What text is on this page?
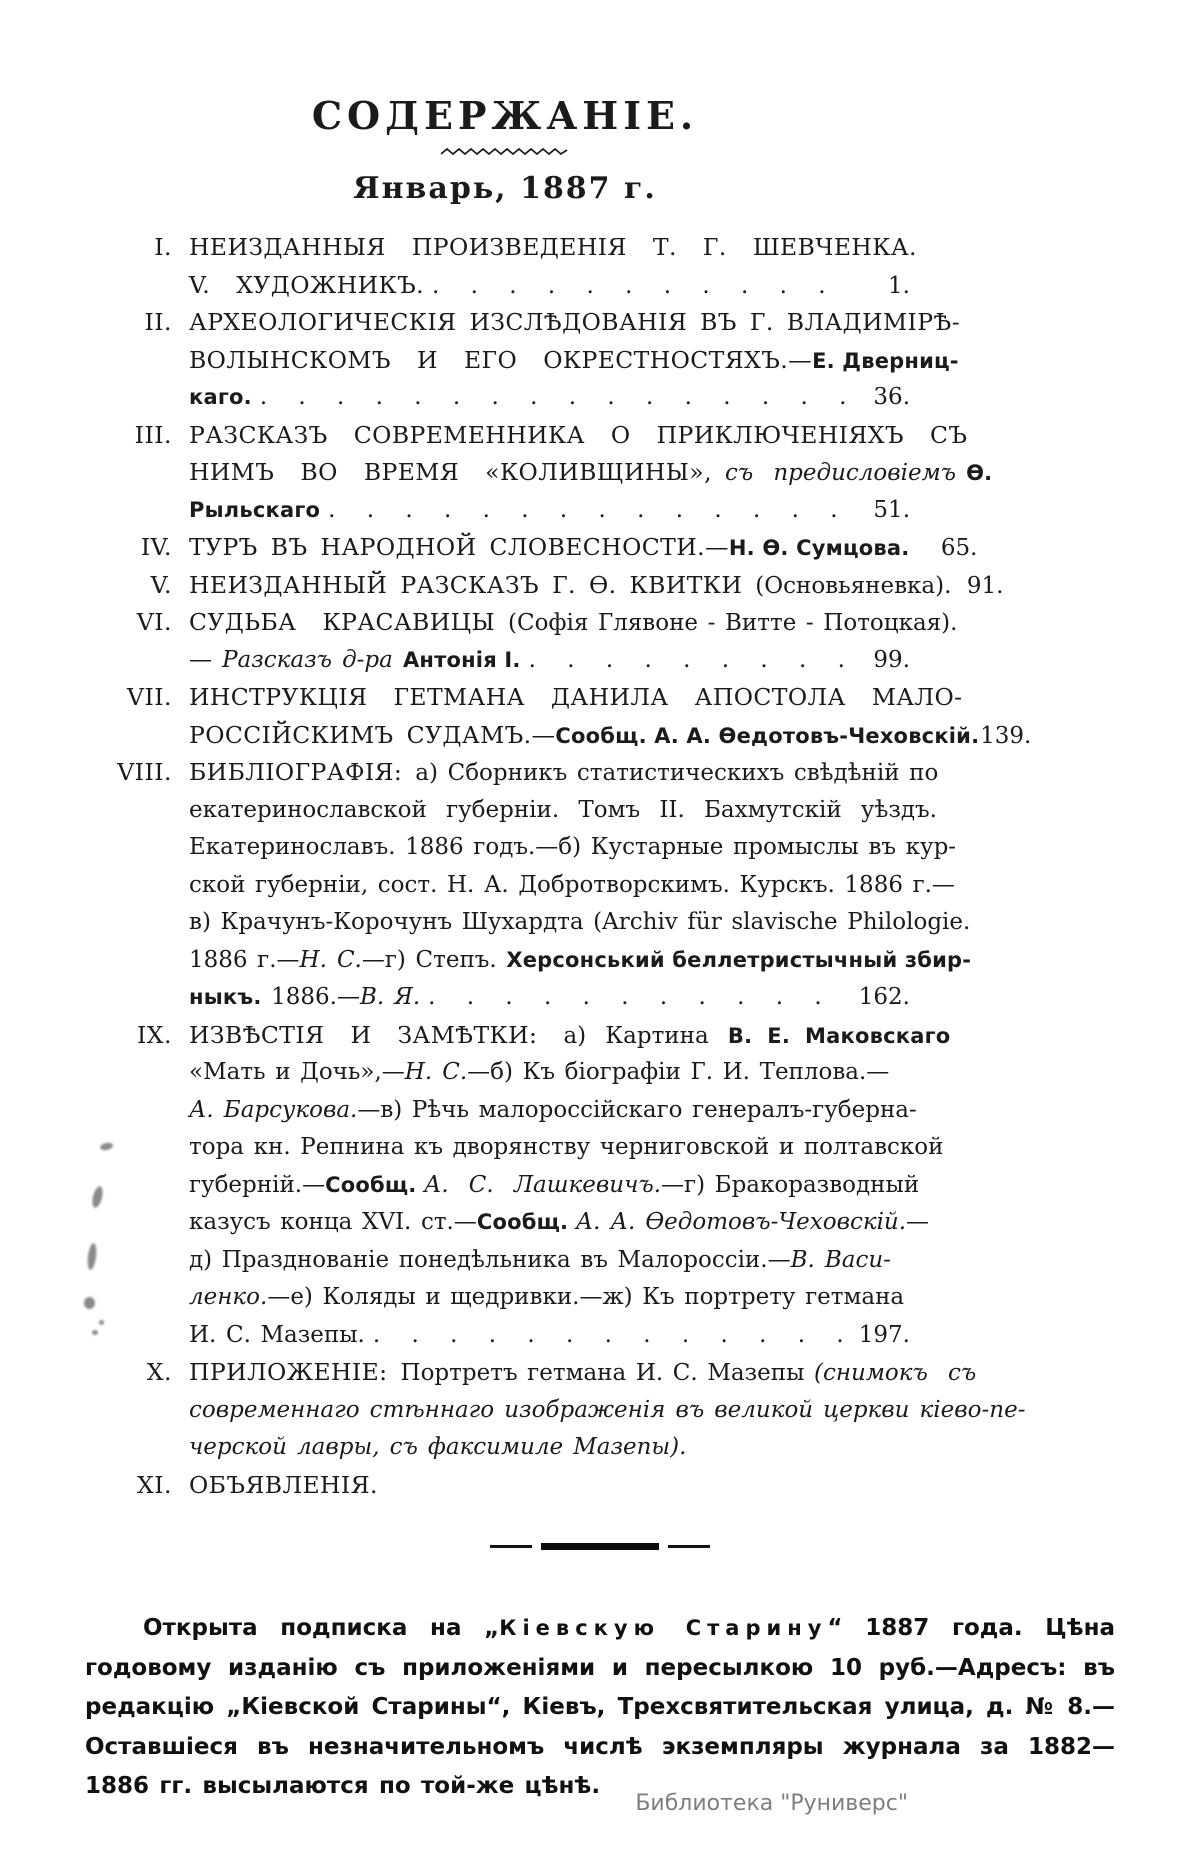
СОДЕРЖАНІЕ.
Январь, 1887 г.
I. НЕИЗДАННЫЯ  ПРОИЗВЕДЕНІЯ  Т.  Г.  ШЕВЧЕНКА.
V.  ХУДОЖНИКЪ. . . .	1.
II. АРХЕОЛОГИЧЕСКІЯ ИЗСЛѢДОВАНІЯ ВЪ Г. ВЛАДИМІРѢ-
ВОЛЫНСКОМЪ  И  ЕГО  ОКРЕСТНОСТЯХЪ.— Е. Дверниц-
каго. . . .	36.
III. РАЗСКАЗЪ  СОВРЕМЕННИКА  О  ПРИКЛЮЧЕНІЯХЪ  СЪ
НИМЪ  ВО  ВРЕМЯ  «КОЛИВЩИНЫ», съ  предисловіемъ Ѳ.
Рыльскаго . . .	51.
IV. ТУРЪ ВЪ НАРОДНОЙ СЛОВЕСНОСТИ.— Н. Ѳ. Сумцова.	65.
V. НЕИЗДАННЫЙ РАЗСКАЗЪ Г. Ѳ. КВИТКИ (Основьяневка). 91.
VI. СУДЬБА  КРАСАВИЦЫ (Софія Глявоне - Витте - Потоцкая).
— Разсказъ д-ра Антонія І. . . .	99.
VII. ИНСТРУКЦІЯ  ГЕТМАНА  ДАНИЛА  АПОСТОЛА  МАЛО-
РОССІЙСКИМЪ СУДАМЪ.— Сообщ. А. А. Ѳедотовъ-Чеховскій. 139.
VIII. БИБЛІОГРАФІЯ: а) Сборникъ статистическихъ свѣдѣній по
екатеринославской  губерніи.  Томъ  II.  Бахмутскій  уѣздъ.
Екатеринославъ. 1886 годъ.—б) Кустарные промыслы въ кур-
ской губерніи, сост. Н. А. Добротворскимъ. Курскъ. 1886 г.—
в) Крачунъ-Корочунъ Шухардта (Archiv für slavische Philologie.
1886 г.— Н. С. —г) Степъ. Херсонський беллетристычный збир-
ныкъ. 1886.— В. Я. . . .	162.
IX. ИЗВѢСТІЯ  И  ЗАМѢТКИ: а)  Картина В.  Е.  Маковскаго
«Мать и Дочь»,— Н. С. —б) Къ біографіи Г. И. Теплова.—
А. Барсукова. —в) Рѣчь малороссійскаго генералъ-губерна-
тора кн. Репнина къ дворянству черниговской и полтавской
губерній.— Сообщ. А.  С.  Лашкевичъ. —г) Бракоразводный
казусъ конца XVI. ст.— Сообщ. А. А. Ѳедотовъ-Чеховскій.—
д) Празднованіе понедѣльника въ Малороссіи.— В. Васи-
ленко. —е) Коляды и щедривки.—ж) Къ портрету гетмана
И. С. Мазепы. . . .	197.
X. ПРИЛОЖЕНІЕ: Портретъ гетмана И. С. Мазепы (снимокъ  съ
современнаго стѣннаго изображенія въ великой церкви кіево-пе-
черской лавры, съ факсимиле Мазепы).
XI. ОБЪЯВЛЕНІЯ.

Открыта подписка на „Кіевскую Старину“ 1887 года. Цѣна годовому изданію съ приложеніями и пересылкою 10 руб.—Адресъ: въ редакцію „Кіевской Старины“, Кіевъ, Трехсвятительская улица, д. № 8.— Оставшіеся въ незначительномъ числѣ экземпляры журнала за 1882—1886 гг. высылаются по той-же цѣнѣ.

Библиотека "Руниверс"
